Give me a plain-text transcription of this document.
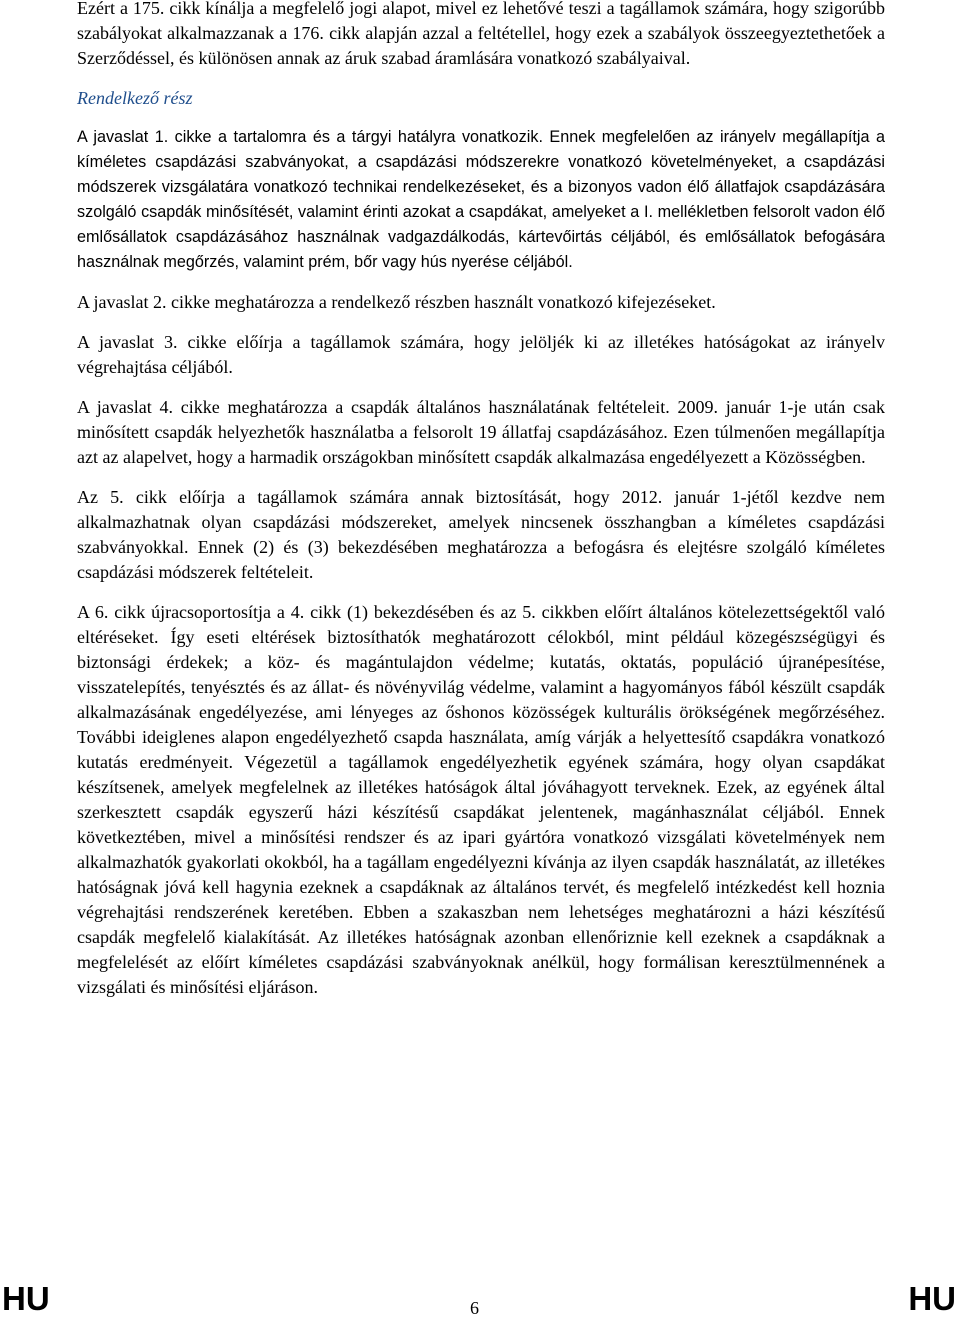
Ezért a 175. cikk kínálja a megfelelő jogi alapot, mivel ez lehetővé teszi a tagállamok számára, hogy szigorúbb szabályokat alkalmazzanak a 176. cikk alapján azzal a feltétellel, hogy ezek a szabályok összeegyeztethetőek a Szerződéssel, és különösen annak az áruk szabad áramlására vonatkozó szabályaival.

Rendelkező rész

A javaslat 1. cikke a tartalomra és a tárgyi hatályra vonatkozik. Ennek megfelelően az irányelv megállapítja a kíméletes csapdázási szabványokat, a csapdázási módszerekre vonatkozó követelményeket, a csapdázási módszerek vizsgálatára vonatkozó technikai rendelkezéseket, és a bizonyos vadon élő állatfajok csapdázására szolgáló csapdák minősítését, valamint érinti azokat a csapdákat, amelyeket a I. mellékletben felsorolt vadon élő emlősállatok csapdázásához használnak vadgazdálkodás, kártevőirtás céljából, és emlősállatok befogására használnak megőrzés, valamint prém, bőr vagy hús nyerése céljából.

A javaslat 2. cikke meghatározza a rendelkező részben használt vonatkozó kifejezéseket.

A javaslat 3. cikke előírja a tagállamok számára, hogy jelöljék ki az illetékes hatóságokat az irányelv végrehajtása céljából.

A javaslat 4. cikke meghatározza a csapdák általános használatának feltételeit. 2009. január 1-je után csak minősített csapdák helyezhetők használatba a felsorolt 19 állatfaj csapdázásához. Ezen túlmenően megállapítja azt az alapelvet, hogy a harmadik országokban minősített csapdák alkalmazása engedélyezett a Közösségben.

Az 5. cikk előírja a tagállamok számára annak biztosítását, hogy 2012. január 1-jétől kezdve nem alkalmazhatnak olyan csapdázási módszereket, amelyek nincsenek összhangban a kíméletes csapdázási szabványokkal. Ennek (2) és (3) bekezdésében meghatározza a befogásra és elejtésre szolgáló kíméletes csapdázási módszerek feltételeit.

A 6. cikk újracsoportosítja a 4. cikk (1) bekezdésében és az 5. cikkben előírt általános kötelezettségektől való eltéréseket. Így eseti eltérések biztosíthatók meghatározott célokból, mint például közegészségügyi és biztonsági érdekek; a köz- és magántulajdon védelme; kutatás, oktatás, populáció újranépesítése, visszatelepítés, tenyésztés és az állat- és növényvilág védelme, valamint a hagyományos fából készült csapdák alkalmazásának engedélyezése, ami lényeges az őshonos közösségek kulturális örökségének megőrzéséhez. További ideiglenes alapon engedélyezhető csapda használata, amíg várják a helyettesítő csapdákra vonatkozó kutatás eredményeit. Végezetül a tagállamok engedélyezhetik egyének számára, hogy olyan csapdákat készítsenek, amelyek megfelelnek az illetékes hatóságok által jóváhagyott terveknek. Ezek, az egyének által szerkesztett csapdák egyszerű házi készítésű csapdákat jelentenek, magánhasználat céljából. Ennek következtében, mivel a minősítési rendszer és az ipari gyártóra vonatkozó vizsgálati követelmények nem alkalmazhatók gyakorlati okokból, ha a tagállam engedélyezni kívánja az ilyen csapdák használatát, az illetékes hatóságnak jóvá kell hagynia ezeknek a csapdáknak az általános tervét, és megfelelő intézkedést kell hoznia végrehajtási rendszerének keretében. Ebben a szakaszban nem lehetséges meghatározni a házi készítésű csapdák megfelelő kialakítását. Az illetékes hatóságnak azonban ellenőriznie kell ezeknek a csapdáknak a megfelelését az előírt kíméletes csapdázási szabványoknak anélkül, hogy formálisan keresztülmennének a vizsgálati és minősítési eljáráson.

HU	6	HU
